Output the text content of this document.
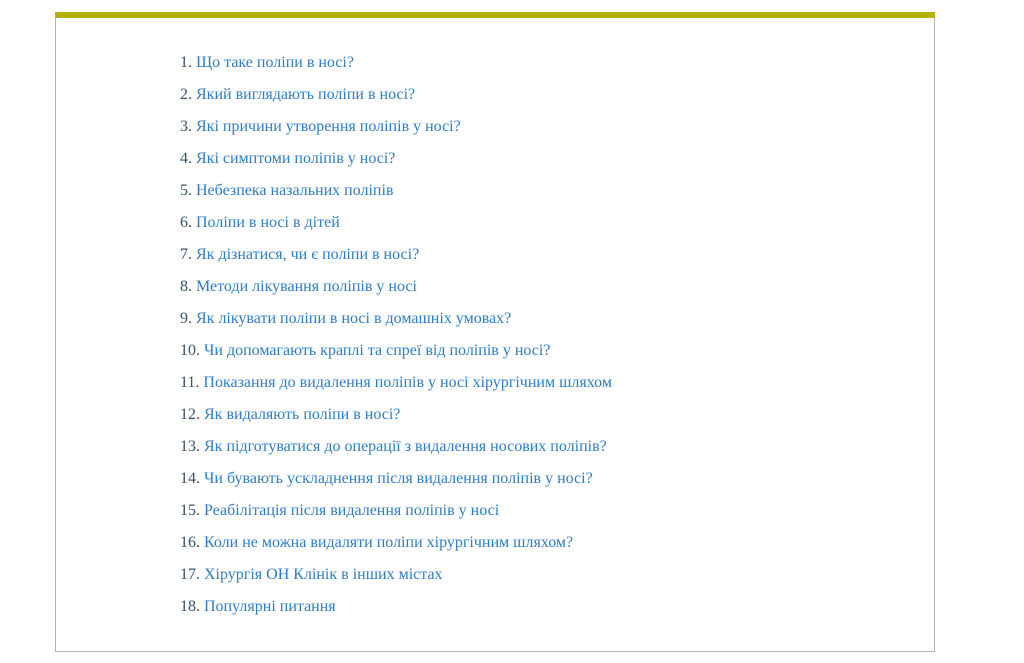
1. Що таке поліпи в носі?
2. Який виглядають поліпи в носі?
3. Які причини утворення поліпів у носі?
4. Які симптоми поліпів у носі?
5. Небезпека назальних поліпів
6. Поліпи в носі в дітей
7. Як дізнатися, чи є поліпи в носі?
8. Методи лікування поліпів у носі
9. Як лікувати поліпи в носі в домашніх умовах?
10. Чи допомагають краплі та спреї від поліпів у носі?
11. Показання до видалення поліпів у носі хірургічним шляхом
12. Як видаляють поліпи в носі?
13. Як підготуватися до операції з видалення носових поліпів?
14. Чи бувають ускладнення після видалення поліпів у носі?
15. Реабілітація після видалення поліпів у носі
16. Коли не можна видаляти поліпи хірургічним шляхом?
17. Хірургія ОН Клінік в інших містах
18. Популярні питання
